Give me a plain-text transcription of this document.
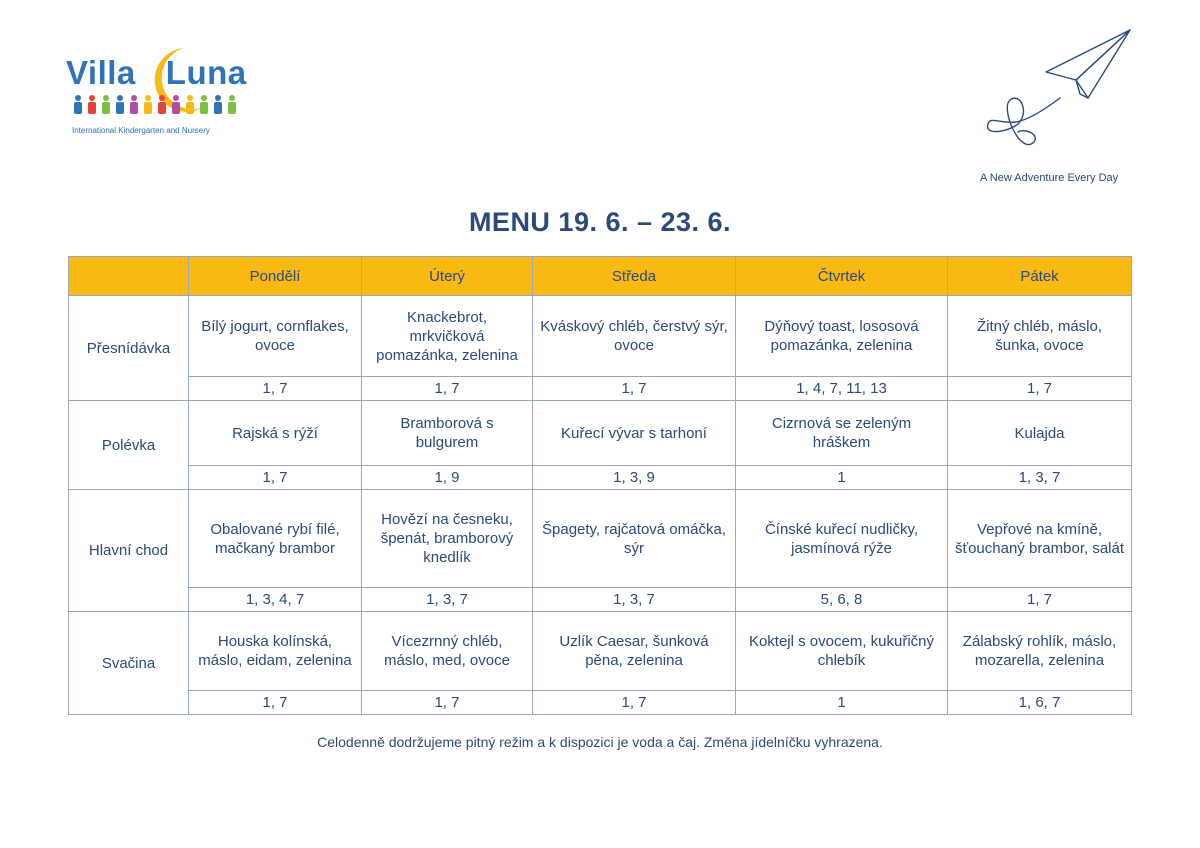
Villa Luna
International Kindergarten and Nursery
A New Adventure Every Day
MENU 19. 6. – 23. 6.
	Pondělí	Úterý	Středa	Čtvrtek	Pátek
Přesnídávka	Bílý jogurt, cornflakes, ovoce	Knackebrot, mrkvičková pomazánka, zelenina	Kváskový chléb, čerstvý sýr, ovoce	Dýňový toast, lososová pomazánka, zelenina	Žitný chléb, máslo, šunka, ovoce
	1, 7	1, 7	1, 7	1, 4, 7, 11, 13	1, 7
Polévka	Rajská s rýží	Bramborová s bulgurem	Kuřecí vývar s tarhoní	Cizrnová se zeleným hráškem	Kulajda
	1, 7	1, 9	1, 3, 9	1	1, 3, 7
Hlavní chod	Obalované rybí filé, mačkaný brambor	Hovězí na česneku, špenát, bramborový knedlík	Špagety, rajčatová omáčka, sýr	Čínské kuřecí nudličky, jasmínová rýže	Vepřové na kmíně, šťouchaný brambor, salát
	1, 3, 4, 7	1, 3, 7	1, 3, 7	5, 6, 8	1, 7
Svačina	Houska kolínská, máslo, eidam, zelenina	Vícezrnný chléb, máslo, med, ovoce	Uzlík Caesar, šunková pěna, zelenina	Koktejl s ovocem, kukuřičný chlebík	Zálabský rohlík, máslo, mozarella, zelenina
	1, 7	1, 7	1, 7	1	1, 6, 7
Celodenně dodržujeme pitný režim a k dispozici je voda a čaj. Změna jídelníčku vyhrazena.
